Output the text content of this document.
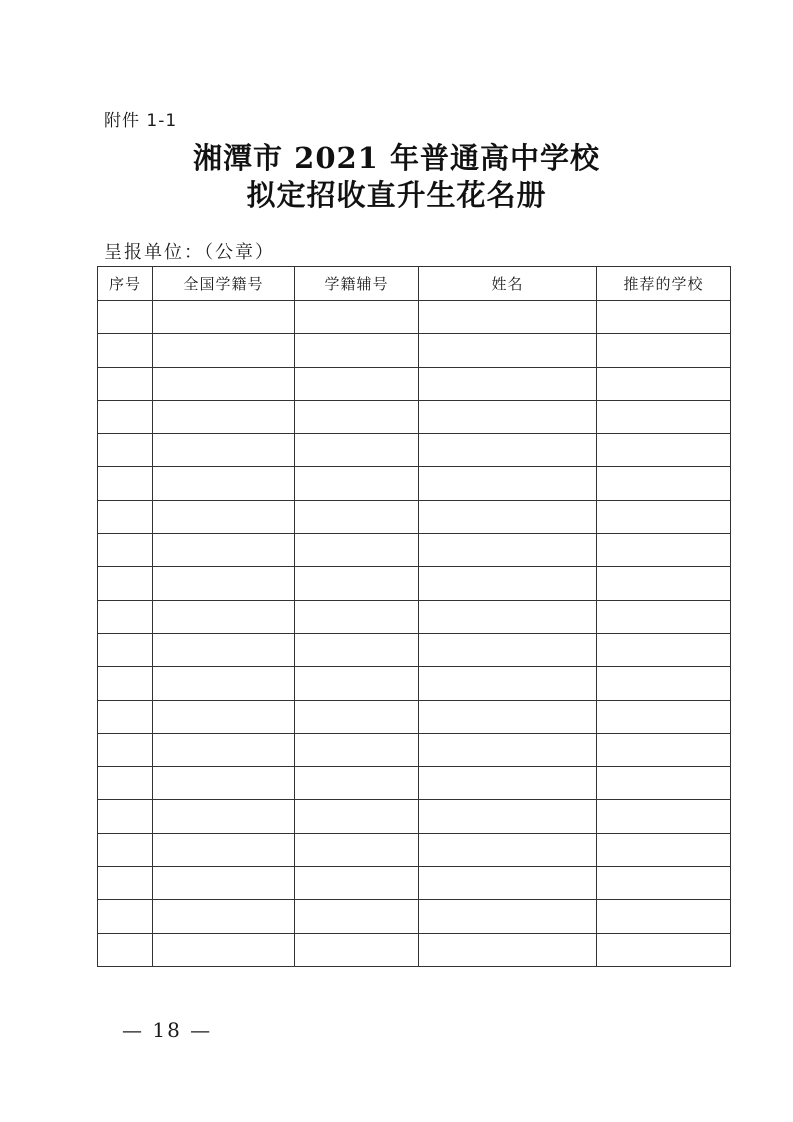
附件 1-1
湘潭市 2021 年普通高中学校
拟定招收直升生花名册
呈报单位：（公章）
序号	全国学籍号	学籍辅号	姓名	推荐的学校

— 18 —
